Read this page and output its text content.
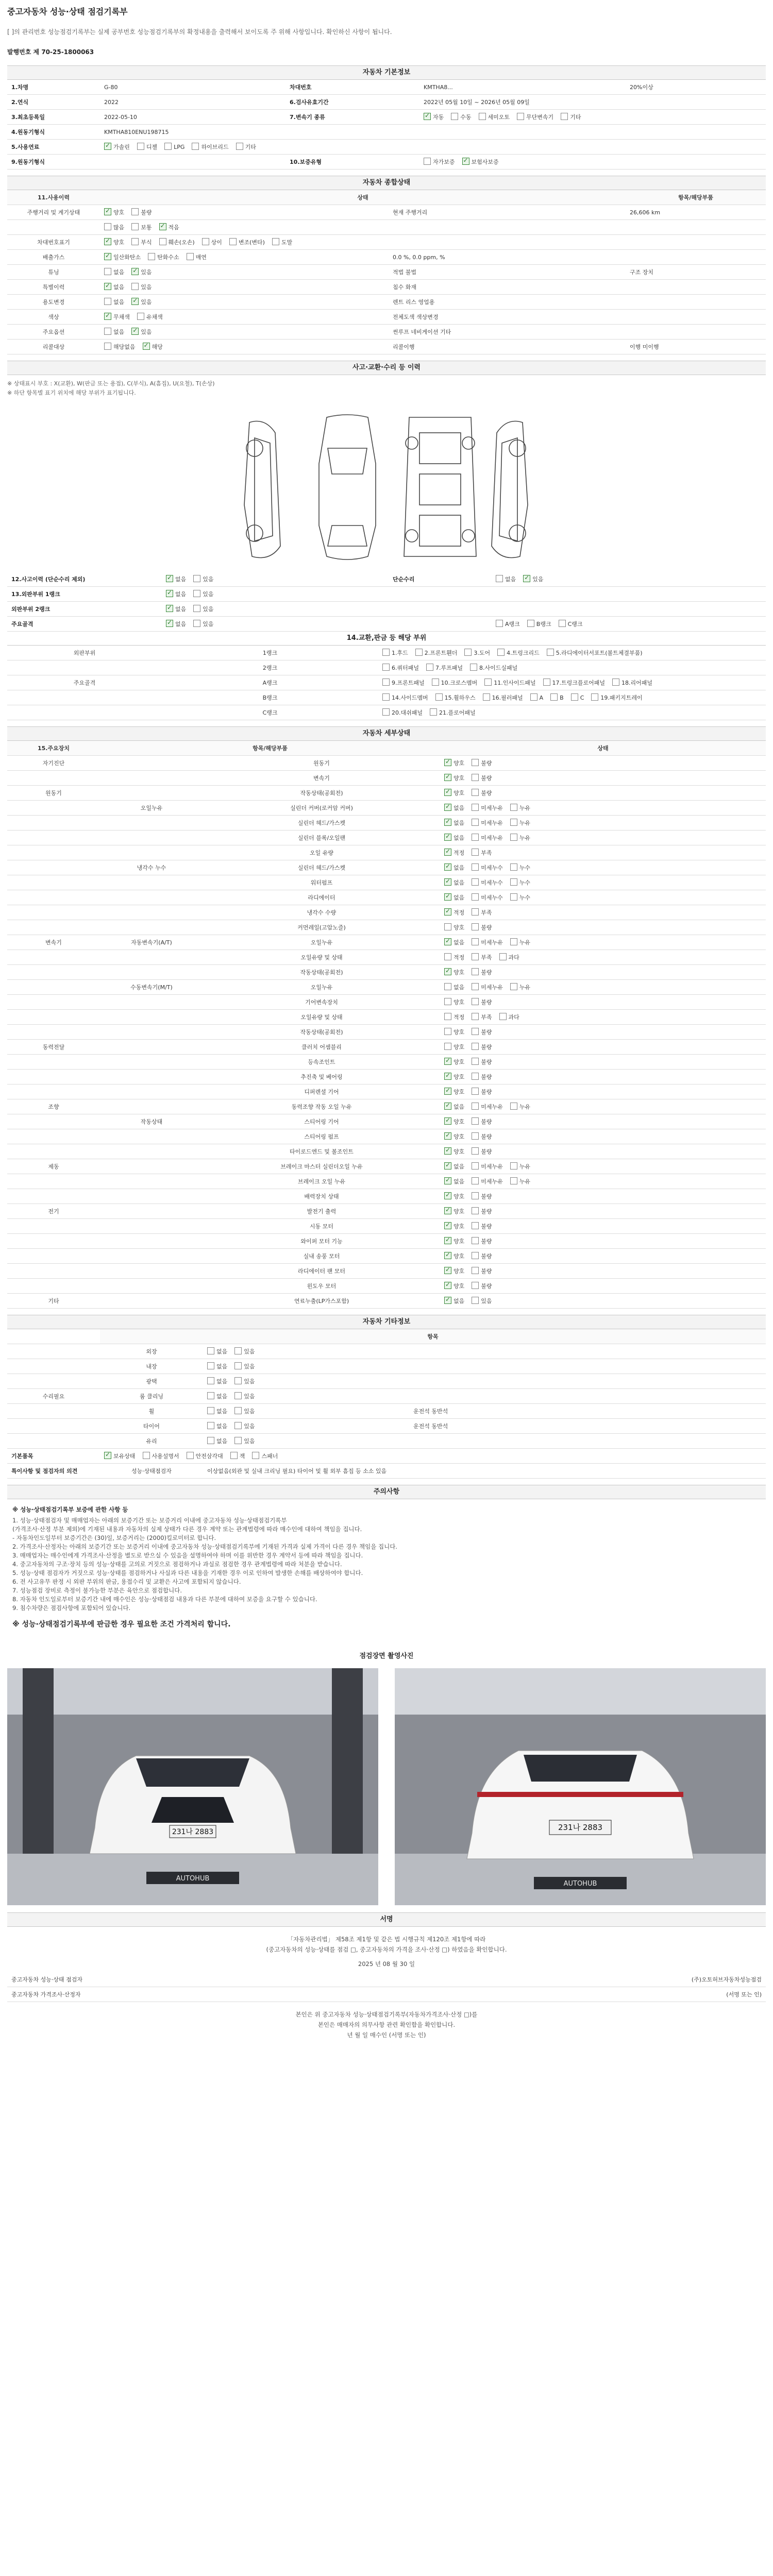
중고자동차 성능·상태 점검기록부
[ ]의 관리번호 성능점검기록부는 실제 공부번호 성능점검기록부의 확정내용을 출력해서 보이도록 주 위해 사항입니다. 확인하신 사항이 됩니다.
발행번호 제 70-25-1800063
자동차 기본정보
1.차명	G-80	차대번호	KMTHA8...	20%이상
2.연식	2022	6.검사유효기간	2022년 05월 10일 ~ 2026년 05월 09일	
3.최초등록일	2022-05-10	7.변속기 종류	✓자동 수동 세미오토 무단변속기 기타	
4.원동기형식	KMTHA810ENU198715			
5.사용연료	✓가솔린 디젤 LPG 하이브리드 기타			
9.원동기형식		10.보증유형	자가보증 ✓ 보험사보증	
자동차 종합상태
11.사용이력	상태		항목/해당부품
주행거리 및 계기상태	✓양호 불량	현재 주행거리	26,606 km
	많음 보통 ✓ 적음		
차대번호표기	✓양호 부식 훼손(오손) 상이 변조(변타) 도말		
배출가스	✓일산화탄소 탄화수소 매연	0.0 %, 0.0 ppm, %	
튜닝	없음 ✓ 있음	적법 불법	구조 장치
특별이력	✓없음 있음	침수 화재	
용도변경	없음 ✓ 있음	렌트 리스 영업용	
색상	✓무채색 유채색	전체도색 색상변경	
주요옵션	없음 ✓ 있음	썬루프 네비게이션 기타	
리콜대상	해당없음 ✓ 해당	리콜이행	이행 미이행
사고·교환·수리 등 이력
※ 상태표시 부호 : X(교환), W(판금 또는 용접), C(부식), A(흠집), U(요철), T(손상)
※ 하단 항목별 표기 위치에 해당 부위가 표기됩니다.
12.사고이력 (단순수리 제외)	✓없음 있음	단순수리	없음 ✓ 있음
13.외판부위 1랭크	✓없음 있음		
외판부위 2랭크	✓없음 있음		
주요골격	✓없음 있음		A랭크 B랭크 C랭크
14.교환,판금 등 해당 부위
외판부위	1랭크	1.후드 2.프론트휀더 3.도어 4.트렁크리드 5.라디에이터서포트(볼트체결부품)
	2랭크	6.쿼터패널 7.루프패널 8.사이드실패널
주요골격	A랭크	9.프론트패널 10.크로스멤버 11.인사이드패널 17.트렁크플로어패널 18.리어패널
	B랭크	14.사이드멤버 15.휠하우스 16.필러패널 A B C 19.패키지트레이
	C랭크	20.대쉬패널 21.플로어패널
자동차 세부상태
15.주요장치	항목/해당부품		상태
자기진단		원동기	✓양호 불량
		변속기	✓양호 불량
원동기		작동상태(공회전)	✓양호 불량
	오일누유	실린더 커버(로커암 커버)	✓없음 미세누유 누유
		실린더 헤드/가스켓	✓없음 미세누유 누유
		실린더 블록/오일팬	✓없음 미세누유 누유
		오일 유량	✓적정 부족
	냉각수 누수	실린더 헤드/가스켓	✓없음 미세누수 누수
		워터펌프	✓없음 미세누수 누수
		라디에이터	✓없음 미세누수 누수
		냉각수 수량	✓적정 부족
		커먼레일(고압노즐)	양호 불량
변속기	자동변속기(A/T)	오일누유	✓없음 미세누유 누유
		오일유량 및 상태	적정 부족 과다
		작동상태(공회전)	✓양호 불량
	수동변속기(M/T)	오일누유	없음 미세누유 누유
		기어변속장치	양호 불량
		오일유량 및 상태	적정 부족 과다
		작동상태(공회전)	양호 불량
동력전달		클러치 어셈블리	양호 불량
		등속조인트	✓양호 불량
		추진축 및 베어링	✓양호 불량
		디퍼렌셜 기어	✓양호 불량
조향		동력조향 작동 오일 누유	✓없음 미세누유 누유
	작동상태	스티어링 기어	✓양호 불량
		스티어링 펌프	✓양호 불량
		타이로드엔드 및 볼조인트	✓양호 불량
제동		브레이크 마스터 실린더오일 누유	✓없음 미세누유 누유
		브레이크 오일 누유	✓없음 미세누유 누유
		배력장치 상태	✓양호 불량
전기		발전기 출력	✓양호 불량
		시동 모터	✓양호 불량
		와이퍼 모터 기능	✓양호 불량
		실내 송풍 모터	✓양호 불량
		라디에이터 팬 모터	✓양호 불량
		윈도우 모터	✓양호 불량
기타		연료누출(LP가스포함)	✓없음 있음
자동차 기타정보
	항목		
	외장	없음 있음	
	내장	없음 있음	
	광택	없음 있음	
수리필요	룸 클리닝	없음 있음	
	휠	없음 있음	운전석 동반석
	타이어	없음 있음	운전석 동반석
	유리	없음 있음	
기본품목	✓보유상태 사용설명서 안전삼각대 잭 스패너
특이사항 및 점검자의 의견	성능·상태점검자	이상없음(외관 및 실내 크리닝 필요) 타이어 및 휠 외부 흠집 등 소소 있음	
주의사항
※ 성능·상태점검기록부 보증에 관한 사항 등
1. 성능·상태점검자 및 매매업자는 아래의 보증기간 또는 보증거리 이내에 중고자동차 성능·상태점검기록부
(가격조사·산정 부분 제외)에 기재된 내용과 자동차의 실제 상태가 다른 경우 계약 또는 관계법령에 따라 매수인에 대하여 책임을 집니다.
- 자동차인도일부터 보증기간은 (30)일, 보증거리는 (2000)킬로미터로 합니다.
2. 가격조사·산정자는 아래의 보증기간 또는 보증거리 이내에 중고자동차 성능·상태점검기록부에 기재된 가격과 실제 가격이 다른 경우 책임을 집니다.
3. 매매업자는 매수인에게 가격조사·산정을 별도로 받으실 수 있음을 설명하여야 하며 이를 위반한 경우 계약서 등에 따라 책임을 집니다.
4. 중고자동차의 구조·장치 등의 성능·상태를 고의로 거짓으로 점검하거나 과실로 점검한 경우 관계법령에 따라 처분을 받습니다.
5. 성능·상태 점검자가 거짓으로 성능·상태를 점검하거나 사실과 다른 내용을 기재한 경우 이로 인하여 발생한 손해를 배상하여야 합니다.
6. 전 사고유무 판정 시 외판 부위의 판금, 용접수리 및 교환은 사고에 포함되지 않습니다.
7. 성능점검 장비로 측정이 불가능한 부분은 육안으로 점검합니다.
8. 자동차 인도일로부터 보증기간 내에 매수인은 성능·상태점검 내용과 다른 부분에 대하여 보증을 요구할 수 있습니다.
9. 침수차량은 점검사항에 포함되어 있습니다.
※ 성능·상태점검기록부에 판금한 경우 필요한 조건 가격처리 합니다.
점검장면 촬영사진
231나 2883
AUTOHUB
231나 2883
AUTOHUB
서명
「자동차관리법」 제58조 제1항 및 같은 법 시행규칙 제120조 제1항에 따라
(중고자동차의 성능·상태를 점검 □, 중고자동차의 가격을 조사·산정 □) 하였음을 확인합니다.
2025 년 08 월 30 일
중고자동차 성능·상태 점검자	(주)오토허브자동차성능점검
중고자동차 가격조사·산정자	(서명 또는 인)
본인은 위 중고자동차 성능·상태점검기록부(자동차가격조사·산정 □)를
본인은 매매자의 의무사항 관련 확인함을 확인합니다.
년 월 일 매수인 (서명 또는 인)
